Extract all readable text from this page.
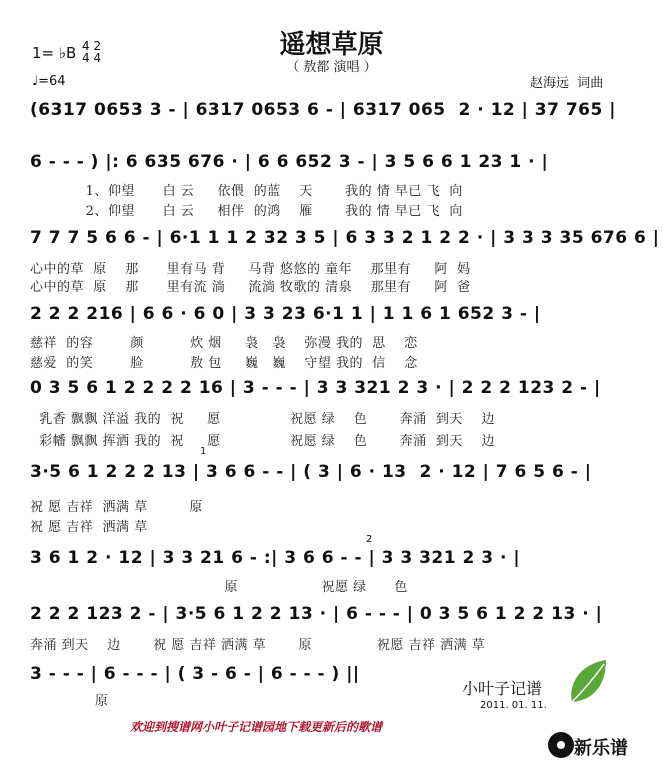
遥想草原
（ 敖都 演唱 ）
1= ♭B 4 2
4 4
♩=64	赵海远  词曲
(6317 0653 3 - | 6317 0653 6 - | 6317 065  2 · 12 | 37 765 |
6 - - - ) |: 6 635 676 · | 6 6 652 3 - | 3 5 6 6 1 23 1 · |
1、仰望      白 云     依偎  的蓝    天       我的 情 早已 飞  向
2、仰望      白 云     相伴  的鸿    雁       我的 情 早已 飞  向
7 7 7 5 6 6 - | 6·1 1 1 2 32 3 5 | 6 3 3 2 1 2 2 · | 3 3 3 35 676 6 |
心中的草  原    那      里有马 背     马背 悠悠的 童年    那里有     阿  妈
心中的草  原    那      里有流 淌     流淌 牧歌的 清泉    那里有     阿  爸
2 2 2 216 | 6 6 · 6 0 | 3 3 23 6·1 1 | 1 1 6 1 652 3 - |
慈祥  的容        颜          炊 烟     袅   袅    弥漫 我的  思    恋
慈爱  的笑        脸          敖 包     巍   巍    守望 我的  信    念
0 3 5 6 1 2 2 2 2 16 | 3 - - - | 3 3 321 2 3 · | 2 2 2 123 2 - |
乳香 飘飘 洋溢 我的  祝     愿               祝愿 绿    色       奔涌  到天    边
彩幡 飘飘 挥洒 我的  祝     愿               祝愿 绿    色       奔涌  到天    边
1
3·5 6 1 2 2 2 13 | 3 6 6 - - | ( 3 | 6 · 13  2 · 12 | 7 6 5 6 - |
祝 愿 吉祥  洒满 草         原
祝 愿 吉祥  洒满 草
2
3 6 1 2 · 12 | 3 3 21 6 - :| 3 6 6 - - | 3 3 321 2 3 · |
原                  祝愿 绿      色
2 2 2 123 2 - | 3·5 6 1 2 2 13 · | 6 - - - | 0 3 5 6 1 2 2 13 · |
奔涌 到天    边       祝 愿 吉祥 洒满 草       原              祝愿 吉祥 洒满 草
3 - - - | 6 - - - | ( 3 - 6 - | 6 - - - ) ||
原
小叶子记谱
2011. 01. 11.
欢迎到搜谱网小叶子记谱园地下载更新后的歌谱
新乐谱
